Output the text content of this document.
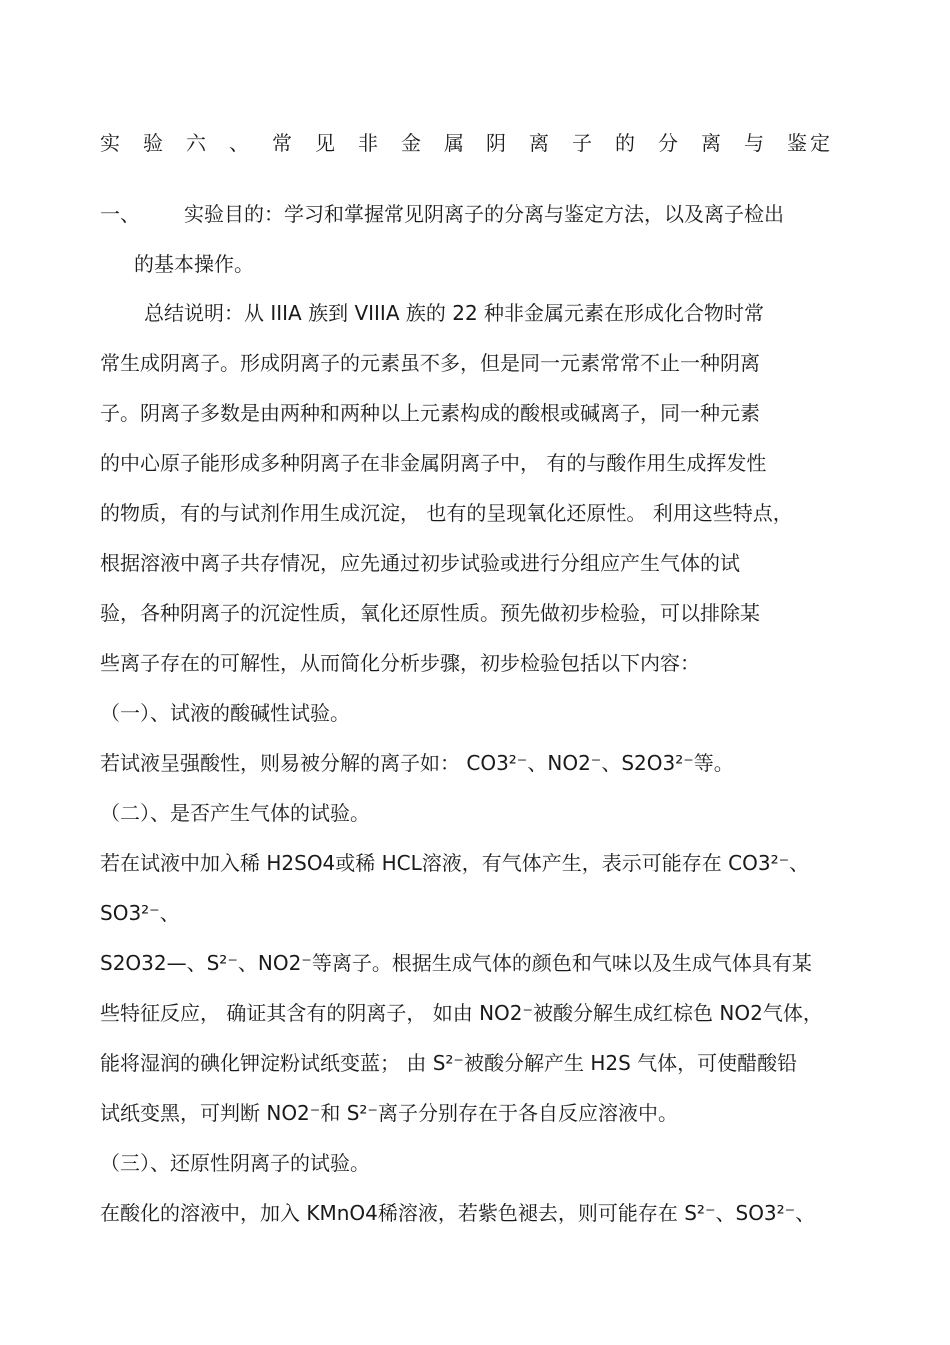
实 验 六 、 常 见 非 金 属 阴 离 子 的 分 离 与 鉴 定
一、 实验目的：学习和掌握常见阴离子的分离与鉴定方法，以及离子检出
的基本操作。
总结说明：从 IIIA 族到 VIIIA 族的 22 种非金属元素在形成化合物时常
常生成阴离子。形成阴离子的元素虽不多，但是同一元素常常不止一种阴离
子。阴离子多数是由两种和两种以上元素构成的酸根或碱离子，同一种元素
的中心原子能形成多种阴离子在非金属阴离子中， 有的与酸作用生成挥发性
的物质，有的与试剂作用生成沉淀， 也有的呈现氧化还原性。 利用这些特点，
根据溶液中离子共存情况，应先通过初步试验或进行分组应产生气体的试
验，各种阴离子的沉淀性质，氧化还原性质。预先做初步检验，可以排除某
些离子存在的可解性，从而简化分析步骤，初步检验包括以下内容：
（一）、试液的酸碱性试验。
若试液呈强酸性，则易被分解的离子如： CO3²⁻、NO2⁻、S2O3²⁻等。
（二）、是否产生气体的试验。
若在试液中加入稀 H2SO4或稀 HCL溶液，有气体产生，表示可能存在 CO3²⁻、
SO3²⁻、
S2O32—、S²⁻、NO2⁻等离子。根据生成气体的颜色和气味以及生成气体具有某
些特征反应， 确证其含有的阴离子， 如由 NO2⁻被酸分解生成红棕色 NO2气体，
能将湿润的碘化钾淀粉试纸变蓝； 由 S²⁻被酸分解产生 H2S 气体，可使醋酸铅
试纸变黑，可判断 NO2⁻和 S²⁻离子分别存在于各自反应溶液中。
（三）、还原性阴离子的试验。
在酸化的溶液中，加入 KMnO4稀溶液，若紫色褪去，则可能存在 S²⁻、SO3²⁻、
